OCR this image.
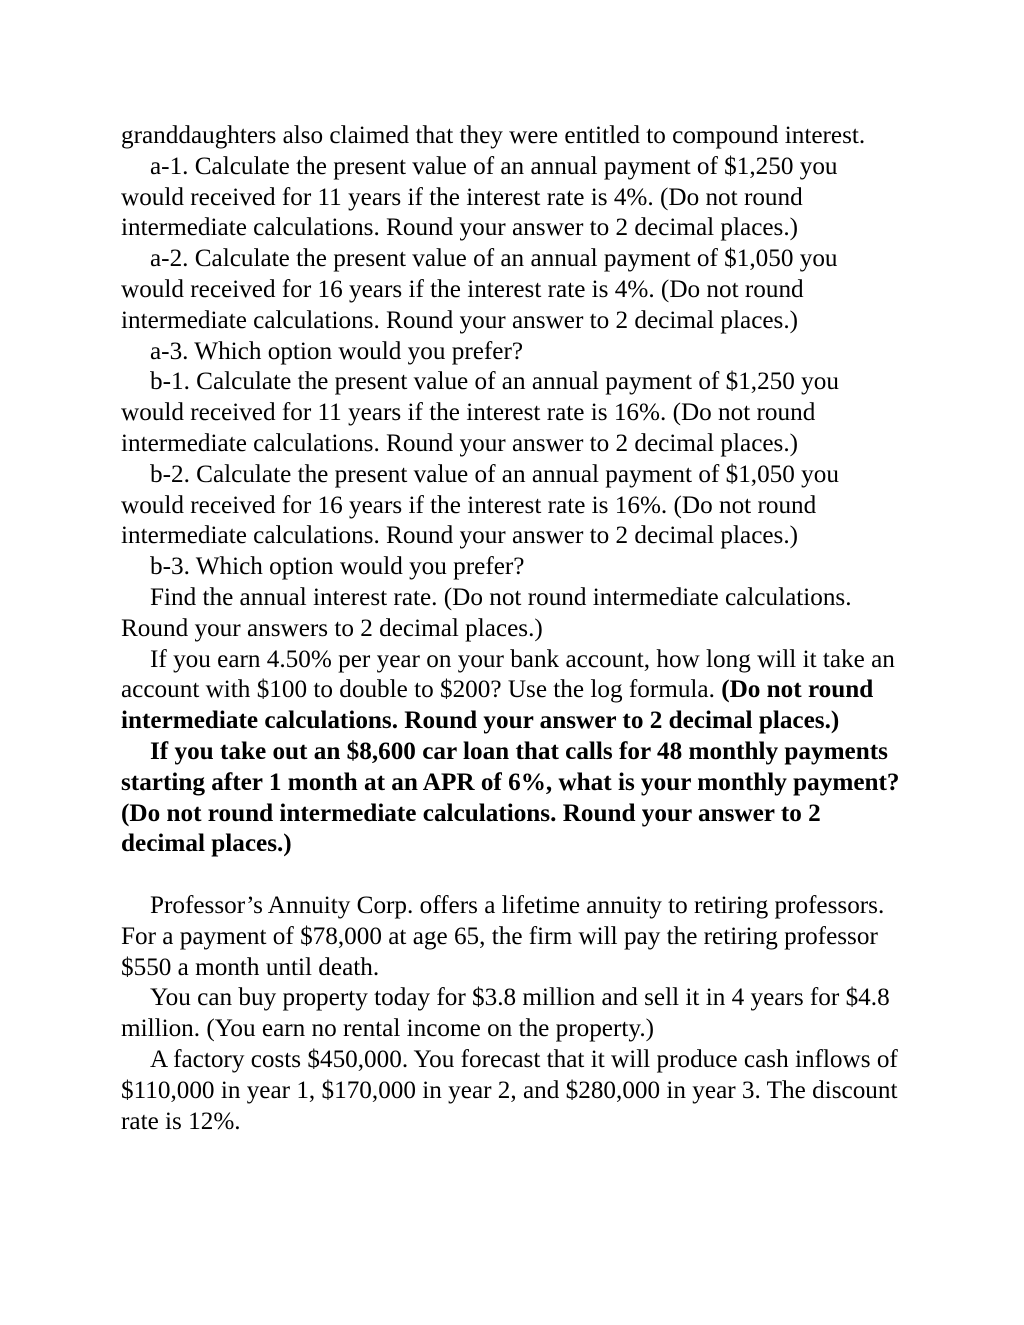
granddaughters also claimed that they were entitled to compound interest.

a-1. Calculate the present value of an annual payment of $1,250 you would received for 11 years if the interest rate is 4%. (Do not round intermediate calculations. Round your answer to 2 decimal places.)

a-2. Calculate the present value of an annual payment of $1,050 you would received for 16 years if the interest rate is 4%. (Do not round intermediate calculations. Round your answer to 2 decimal places.)

a-3. Which option would you prefer?

b-1. Calculate the present value of an annual payment of $1,250 you would received for 11 years if the interest rate is 16%. (Do not round intermediate calculations. Round your answer to 2 decimal places.)

b-2. Calculate the present value of an annual payment of $1,050 you would received for 16 years if the interest rate is 16%. (Do not round intermediate calculations. Round your answer to 2 decimal places.)

b-3. Which option would you prefer?

Find the annual interest rate. (Do not round intermediate calculations. Round your answers to 2 decimal places.)

If you earn 4.50% per year on your bank account, how long will it take an account with $100 to double to $200? Use the log formula. (Do not round intermediate calculations. Round your answer to 2 decimal places.)

If you take out an $8,600 car loan that calls for 48 monthly payments starting after 1 month at an APR of 6%, what is your monthly payment? (Do not round intermediate calculations. Round your answer to 2 decimal places.)

Professor’s Annuity Corp. offers a lifetime annuity to retiring professors. For a payment of $78,000 at age 65, the firm will pay the retiring professor $550 a month until death.

You can buy property today for $3.8 million and sell it in 4 years for $4.8 million. (You earn no rental income on the property.)

A factory costs $450,000. You forecast that it will produce cash inflows of $110,000 in year 1, $170,000 in year 2, and $280,000 in year 3. The discount rate is 12%.
